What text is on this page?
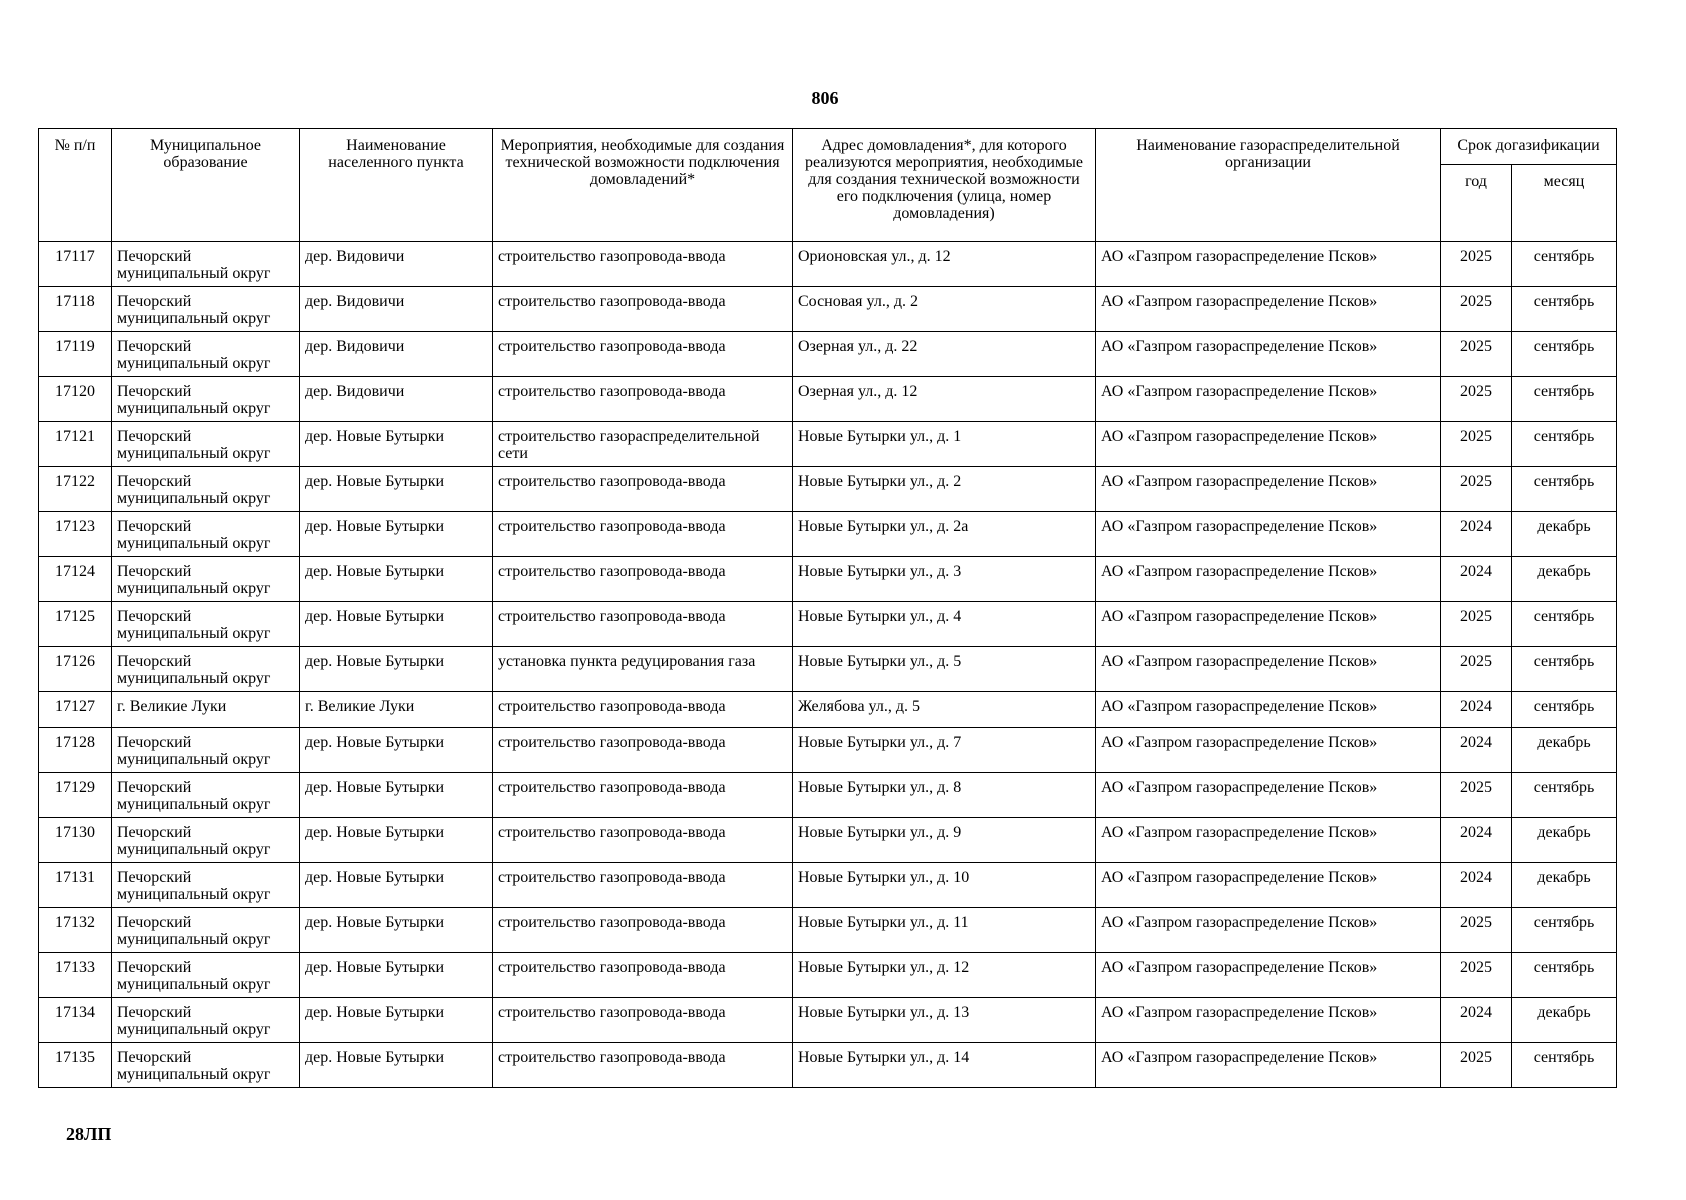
806
№ п/п	Муниципальное образование	Наименование населенного пункта	Мероприятия, необходимые для создания технической возможности подключения домовладений*	Адрес домовладения*, для которого реализуются мероприятия, необходимые для создания технической возможности его подключения (улица, номер домовладения)	Наименование газораспределительной организации	Срок догазификации	
						год	месяц
17117	Печорский муниципальный округ	дер. Видовичи	строительство газопровода-ввода	Орионовская ул., д. 12	АО «Газпром газораспределение Псков»	2025	сентябрь
17118	Печорский муниципальный округ	дер. Видовичи	строительство газопровода-ввода	Сосновая ул., д. 2	АО «Газпром газораспределение Псков»	2025	сентябрь
17119	Печорский муниципальный округ	дер. Видовичи	строительство газопровода-ввода	Озерная ул., д. 22	АО «Газпром газораспределение Псков»	2025	сентябрь
17120	Печорский муниципальный округ	дер. Видовичи	строительство газопровода-ввода	Озерная ул., д. 12	АО «Газпром газораспределение Псков»	2025	сентябрь
17121	Печорский муниципальный округ	дер. Новые Бутырки	строительство газораспределительной сети	Новые Бутырки ул., д. 1	АО «Газпром газораспределение Псков»	2025	сентябрь
17122	Печорский муниципальный округ	дер. Новые Бутырки	строительство газопровода-ввода	Новые Бутырки ул., д. 2	АО «Газпром газораспределение Псков»	2025	сентябрь
17123	Печорский муниципальный округ	дер. Новые Бутырки	строительство газопровода-ввода	Новые Бутырки ул., д. 2а	АО «Газпром газораспределение Псков»	2024	декабрь
17124	Печорский муниципальный округ	дер. Новые Бутырки	строительство газопровода-ввода	Новые Бутырки ул., д. 3	АО «Газпром газораспределение Псков»	2024	декабрь
17125	Печорский муниципальный округ	дер. Новые Бутырки	строительство газопровода-ввода	Новые Бутырки ул., д. 4	АО «Газпром газораспределение Псков»	2025	сентябрь
17126	Печорский муниципальный округ	дер. Новые Бутырки	установка пункта редуцирования газа	Новые Бутырки ул., д. 5	АО «Газпром газораспределение Псков»	2025	сентябрь
17127	г. Великие Луки	г. Великие Луки	строительство газопровода-ввода	Желябова ул., д. 5	АО «Газпром газораспределение Псков»	2024	сентябрь
17128	Печорский муниципальный округ	дер. Новые Бутырки	строительство газопровода-ввода	Новые Бутырки ул., д. 7	АО «Газпром газораспределение Псков»	2024	декабрь
17129	Печорский муниципальный округ	дер. Новые Бутырки	строительство газопровода-ввода	Новые Бутырки ул., д. 8	АО «Газпром газораспределение Псков»	2025	сентябрь
17130	Печорский муниципальный округ	дер. Новые Бутырки	строительство газопровода-ввода	Новые Бутырки ул., д. 9	АО «Газпром газораспределение Псков»	2024	декабрь
17131	Печорский муниципальный округ	дер. Новые Бутырки	строительство газопровода-ввода	Новые Бутырки ул., д. 10	АО «Газпром газораспределение Псков»	2024	декабрь
17132	Печорский муниципальный округ	дер. Новые Бутырки	строительство газопровода-ввода	Новые Бутырки ул., д. 11	АО «Газпром газораспределение Псков»	2025	сентябрь
17133	Печорский муниципальный округ	дер. Новые Бутырки	строительство газопровода-ввода	Новые Бутырки ул., д. 12	АО «Газпром газораспределение Псков»	2025	сентябрь
17134	Печорский муниципальный округ	дер. Новые Бутырки	строительство газопровода-ввода	Новые Бутырки ул., д. 13	АО «Газпром газораспределение Псков»	2024	декабрь
17135	Печорский муниципальный округ	дер. Новые Бутырки	строительство газопровода-ввода	Новые Бутырки ул., д. 14	АО «Газпром газораспределение Псков»	2025	сентябрь
28ЛП
